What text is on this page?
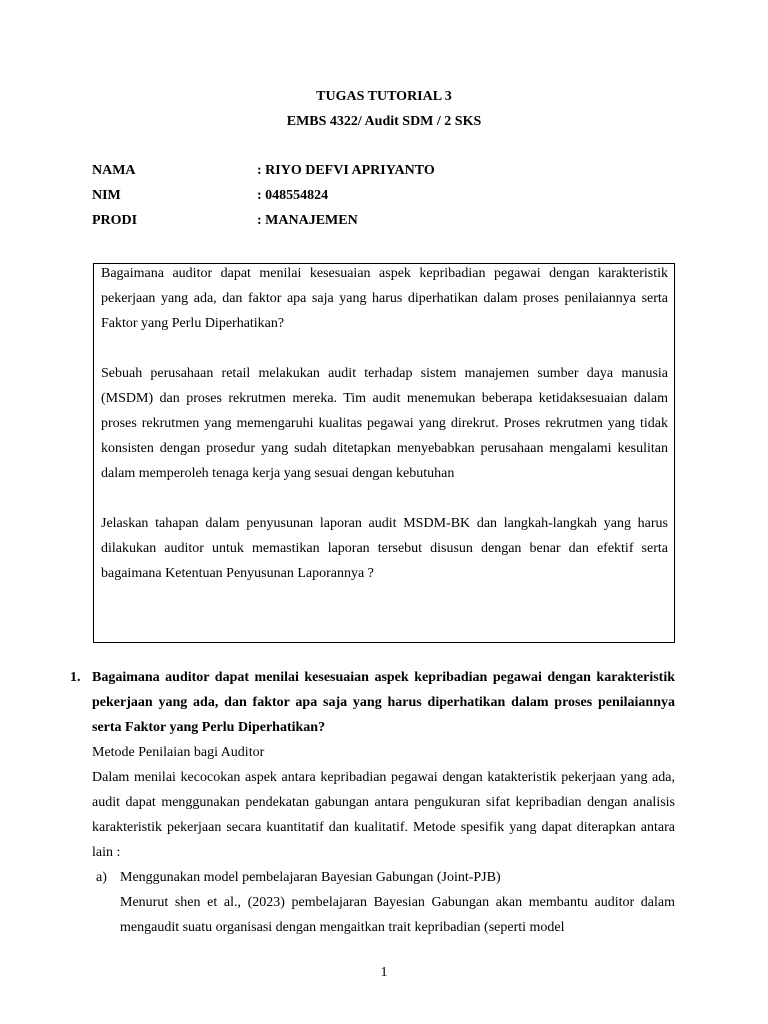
TUGAS TUTORIAL 3
EMBS 4322/ Audit SDM / 2 SKS
NAMA	: RIYO DEFVI APRIYANTO
NIM	: 048554824
PRODI	: MANAJEMEN

Bagaimana auditor dapat menilai kesesuaian aspek kepribadian pegawai dengan karakteristik pekerjaan yang ada, dan faktor apa saja yang harus diperhatikan dalam proses penilaiannya serta Faktor yang Perlu Diperhatikan?

Sebuah perusahaan retail melakukan audit terhadap sistem manajemen sumber daya manusia (MSDM) dan proses rekrutmen mereka. Tim audit menemukan beberapa ketidaksesuaian dalam proses rekrutmen yang memengaruhi kualitas pegawai yang direkrut. Proses rekrutmen yang tidak konsisten dengan prosedur yang sudah ditetapkan menyebabkan perusahaan mengalami kesulitan dalam memperoleh tenaga kerja yang sesuai dengan kebutuhan

Jelaskan tahapan dalam penyusunan laporan audit MSDM-BK dan langkah-langkah yang harus dilakukan auditor untuk memastikan laporan tersebut disusun dengan benar dan efektif serta bagaimana Ketentuan Penyusunan Laporannya ?

1. Bagaimana auditor dapat menilai kesesuaian aspek kepribadian pegawai dengan karakteristik pekerjaan yang ada, dan faktor apa saja yang harus diperhatikan dalam proses penilaiannya serta Faktor yang Perlu Diperhatikan?

Metode Penilaian bagi Auditor

Dalam menilai kecocokan aspek antara kepribadian pegawai dengan katakteristik pekerjaan yang ada, audit dapat menggunakan pendekatan gabungan antara pengukuran sifat kepribadian dengan analisis karakteristik pekerjaan secara kuantitatif dan kualitatif. Metode spesifik yang dapat diterapkan antara lain :

a) Menggunakan model pembelajaran Bayesian Gabungan (Joint-PJB)

Menurut shen et al., (2023) pembelajaran Bayesian Gabungan akan membantu auditor dalam mengaudit suatu organisasi dengan mengaitkan trait kepribadian (seperti model

1
